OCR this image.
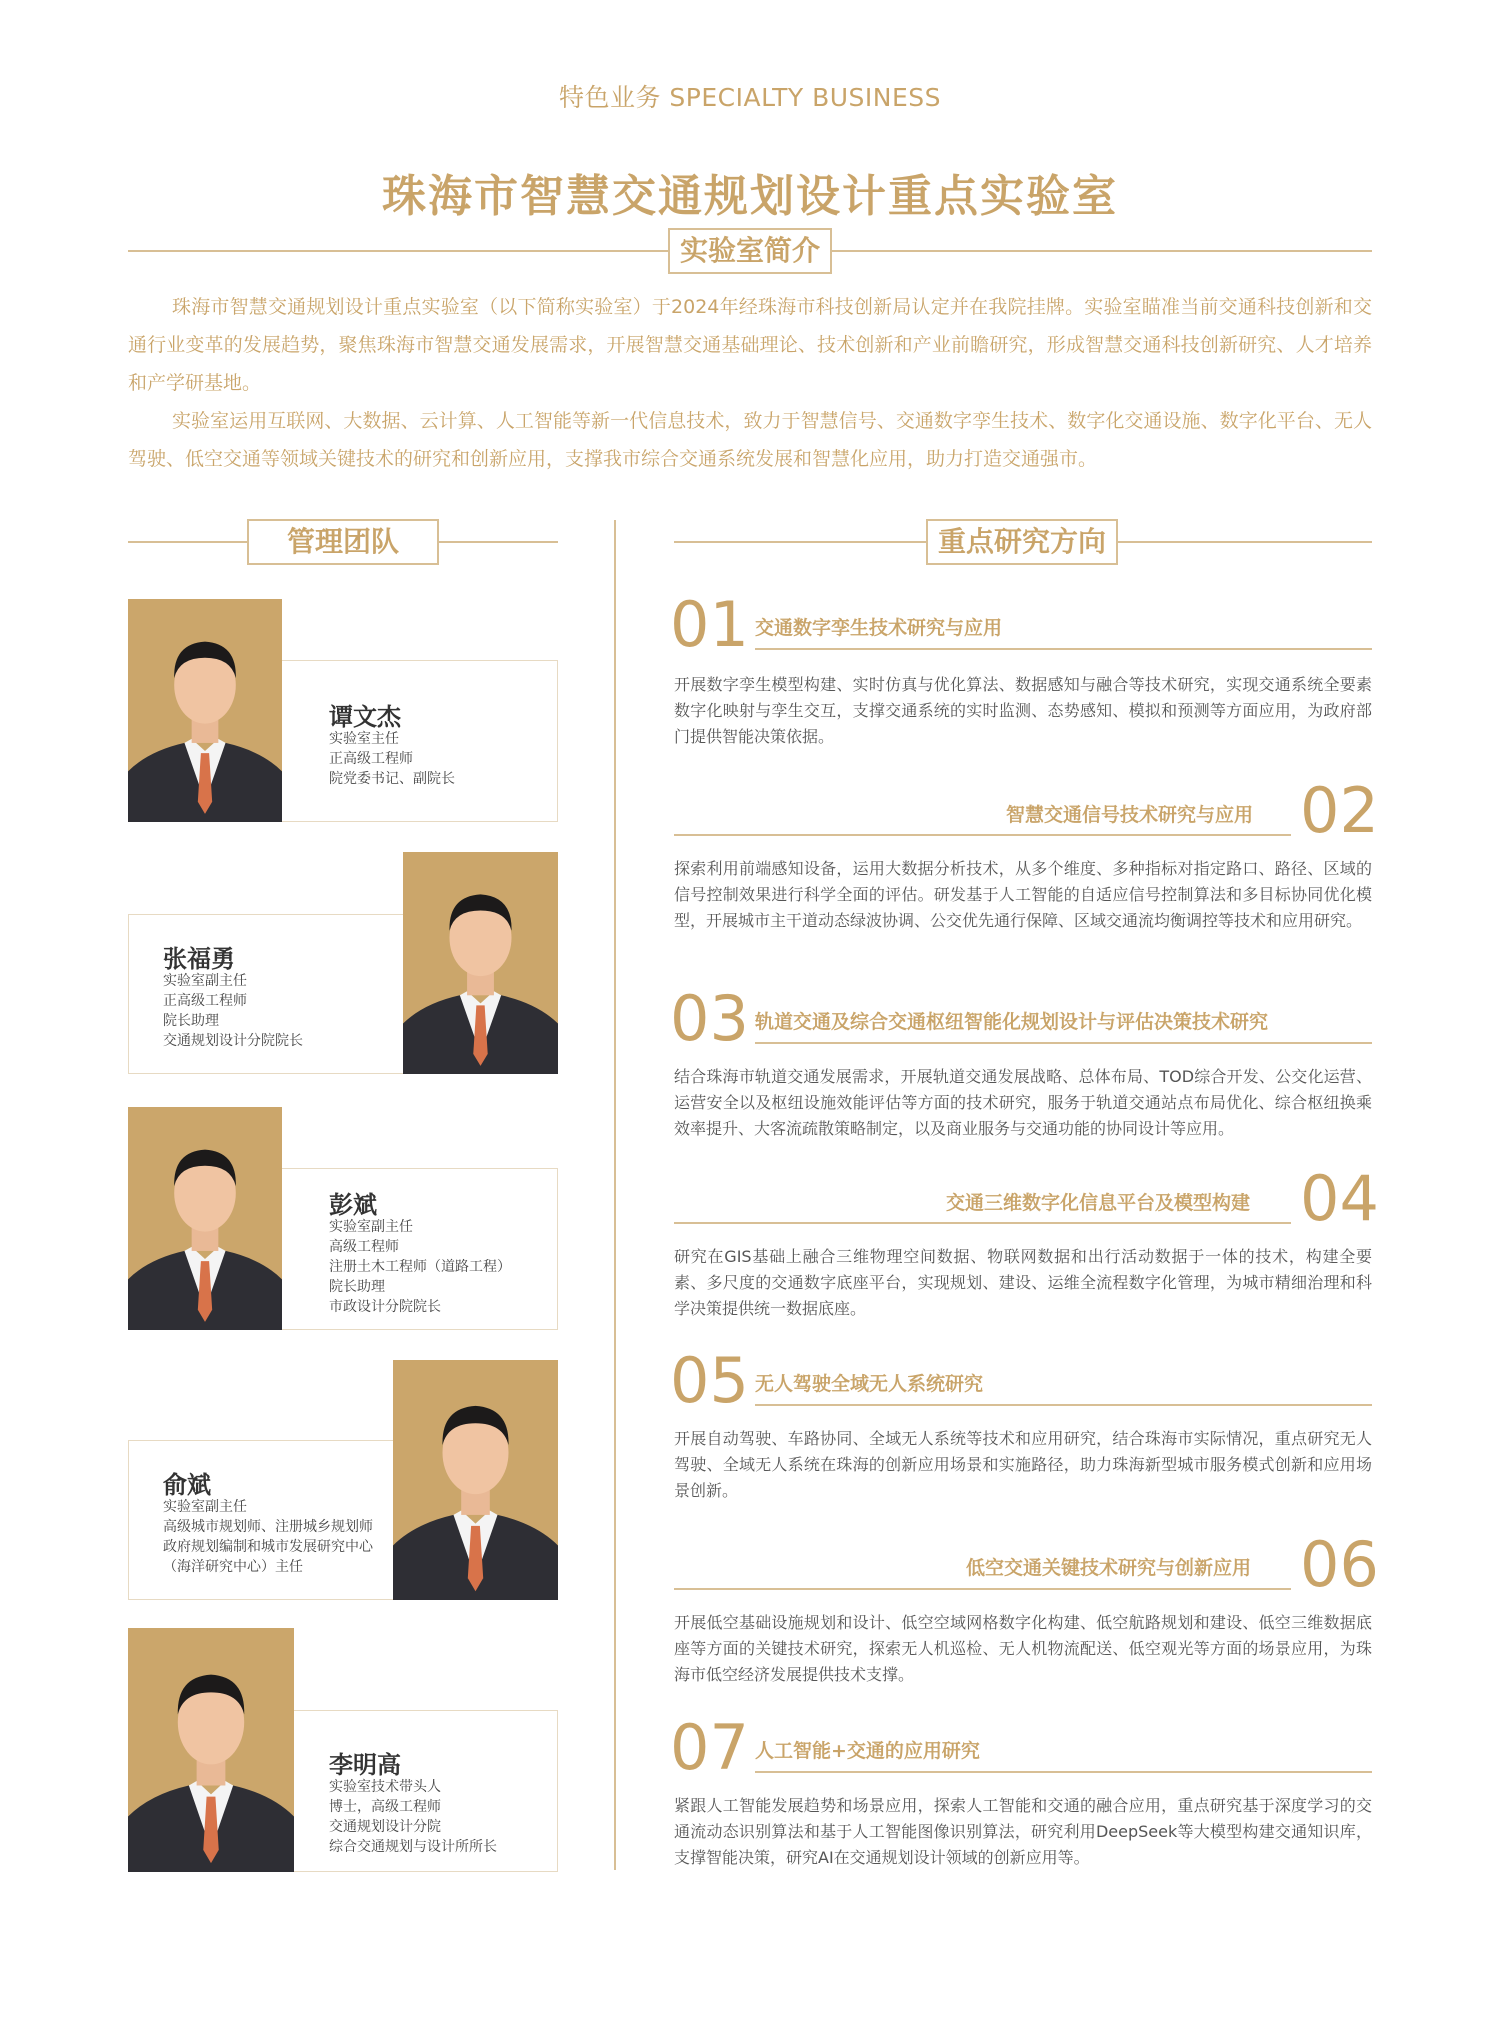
特色业务 SPECIALTY BUSINESS
珠海市智慧交通规划设计重点实验室
实验室简介
珠海市智慧交通规划设计重点实验室（以下简称实验室）于2024年经珠海市科技创新局认定并在我院挂牌。实验室瞄准当前交通科技创新和交通行业变革的发展趋势，聚焦珠海市智慧交通发展需求，开展智慧交通基础理论、技术创新和产业前瞻研究，形成智慧交通科技创新研究、人才培养和产学研基地。
实验室运用互联网、大数据、云计算、人工智能等新一代信息技术，致力于智慧信号、交通数字孪生技术、数字化交通设施、数字化平台、无人驾驶、低空交通等领域关键技术的研究和创新应用，支撑我市综合交通系统发展和智慧化应用，助力打造交通强市。
管理团队	重点研究方向
谭文杰
实验室主任
正高级工程师
院党委书记、副院长
张福勇
实验室副主任
正高级工程师
院长助理
交通规划设计分院院长
彭斌
实验室副主任
高级工程师
注册土木工程师（道路工程）
院长助理
市政设计分院院长
俞斌
实验室副主任
高级城市规划师、注册城乡规划师
政府规划编制和城市发展研究中心
（海洋研究中心）主任
李明高
实验室技术带头人
博士，高级工程师
交通规划设计分院
综合交通规划与设计所所长
01 交通数字孪生技术研究与应用
开展数字孪生模型构建、实时仿真与优化算法、数据感知与融合等技术研究，实现交通系统全要素数字化映射与孪生交互，支撑交通系统的实时监测、态势感知、模拟和预测等方面应用，为政府部门提供智能决策依据。
02
智慧交通信号技术研究与应用
探索利用前端感知设备，运用大数据分析技术，从多个维度、多种指标对指定路口、路径、区域的信号控制效果进行科学全面的评估。研发基于人工智能的自适应信号控制算法和多目标协同优化模型，开展城市主干道动态绿波协调、公交优先通行保障、区域交通流均衡调控等技术和应用研究。
03 轨道交通及综合交通枢纽智能化规划设计与评估决策技术研究
结合珠海市轨道交通发展需求，开展轨道交通发展战略、总体布局、TOD综合开发、公交化运营、运营安全以及枢纽设施效能评估等方面的技术研究，服务于轨道交通站点布局优化、综合枢纽换乘效率提升、大客流疏散策略制定，以及商业服务与交通功能的协同设计等应用。
04
交通三维数字化信息平台及模型构建
研究在GIS基础上融合三维物理空间数据、物联网数据和出行活动数据于一体的技术，构建全要素、多尺度的交通数字底座平台，实现规划、建设、运维全流程数字化管理，为城市精细治理和科学决策提供统一数据底座。
05 无人驾驶全域无人系统研究
开展自动驾驶、车路协同、全域无人系统等技术和应用研究，结合珠海市实际情况，重点研究无人驾驶、全域无人系统在珠海的创新应用场景和实施路径，助力珠海新型城市服务模式创新和应用场景创新。
06
低空交通关键技术研究与创新应用
开展低空基础设施规划和设计、低空空域网格数字化构建、低空航路规划和建设、低空三维数据底座等方面的关键技术研究，探索无人机巡检、无人机物流配送、低空观光等方面的场景应用，为珠海市低空经济发展提供技术支撑。
07 人工智能+交通的应用研究
紧跟人工智能发展趋势和场景应用，探索人工智能和交通的融合应用，重点研究基于深度学习的交通流动态识别算法和基于人工智能图像识别算法，研究利用DeepSeek等大模型构建交通知识库，支撑智能决策，研究AI在交通规划设计领域的创新应用等。
